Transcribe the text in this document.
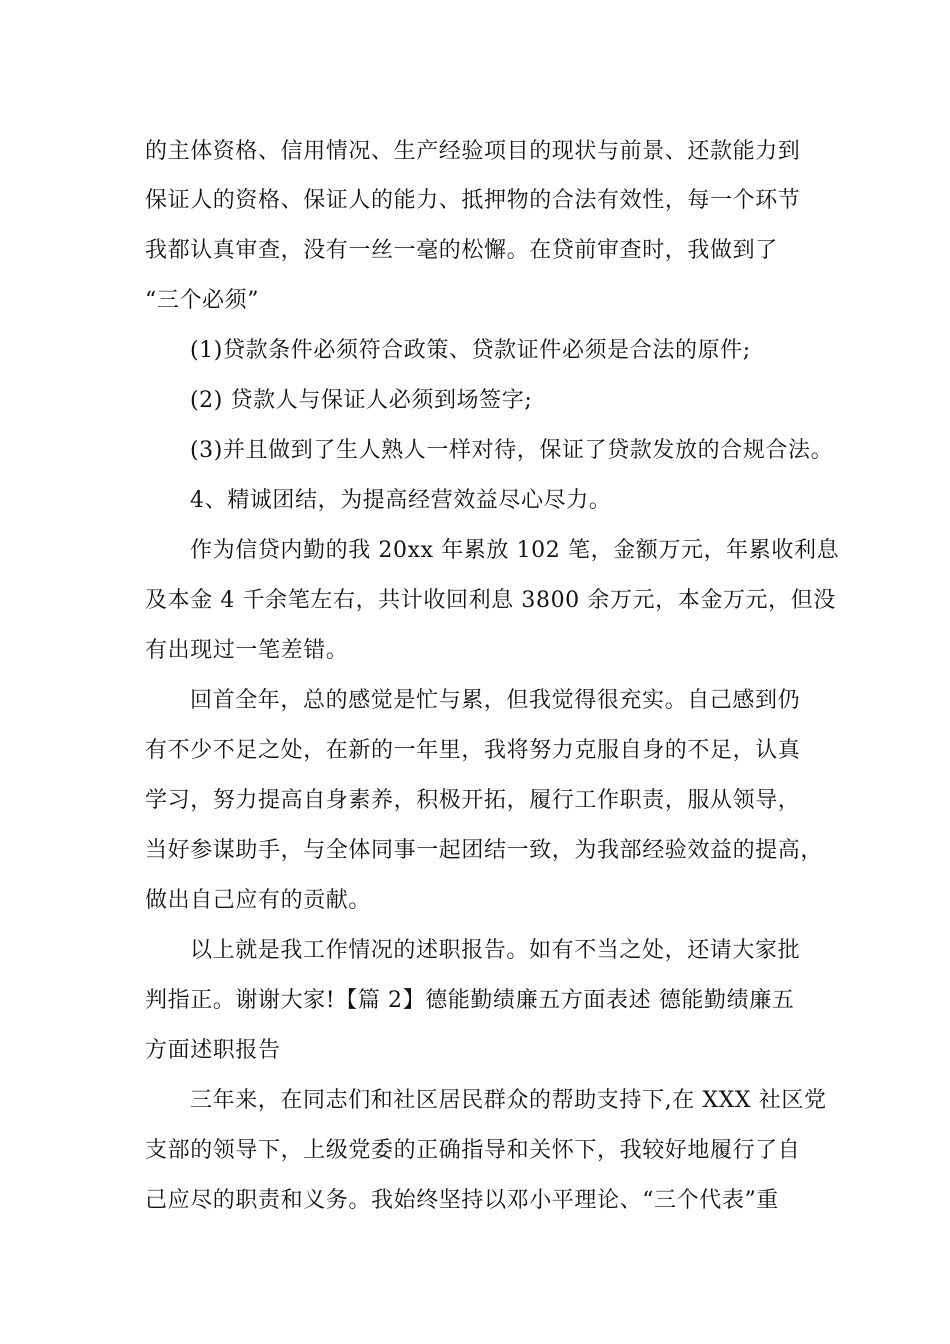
的主体资格、信用情况、生产经验项目的现状与前景、还款能力到
保证人的资格、保证人的能力、抵押物的合法有效性，每一个环节
我都认真审查，没有一丝一毫的松懈。在贷前审查时，我做到了
“三个必须”
(1)贷款条件必须符合政策、贷款证件必须是合法的原件;
(2) 贷款人与保证人必须到场签字;
(3)并且做到了生人熟人一样对待，保证了贷款发放的合规合法。
4、精诚团结，为提高经营效益尽心尽力。
作为信贷内勤的我 20xx 年累放 102 笔，金额万元，年累收利息
及本金 4 千余笔左右，共计收回利息 3800 余万元，本金万元，但没
有出现过一笔差错。
回首全年，总的感觉是忙与累，但我觉得很充实。自己感到仍
有不少不足之处，在新的一年里，我将努力克服自身的不足，认真
学习，努力提高自身素养，积极开拓，履行工作职责，服从领导，
当好参谋助手，与全体同事一起团结一致，为我部经验效益的提高，
做出自己应有的贡献。
以上就是我工作情况的述职报告。如有不当之处，还请大家批
判指正。谢谢大家!【篇 2】德能勤绩廉五方面表述 德能勤绩廉五
方面述职报告
三年来，在同志们和社区居民群众的帮助支持下,在 XXX 社区党
支部的领导下，上级党委的正确指导和关怀下，我较好地履行了自
己应尽的职责和义务。我始终坚持以邓小平理论、“三个代表”重
